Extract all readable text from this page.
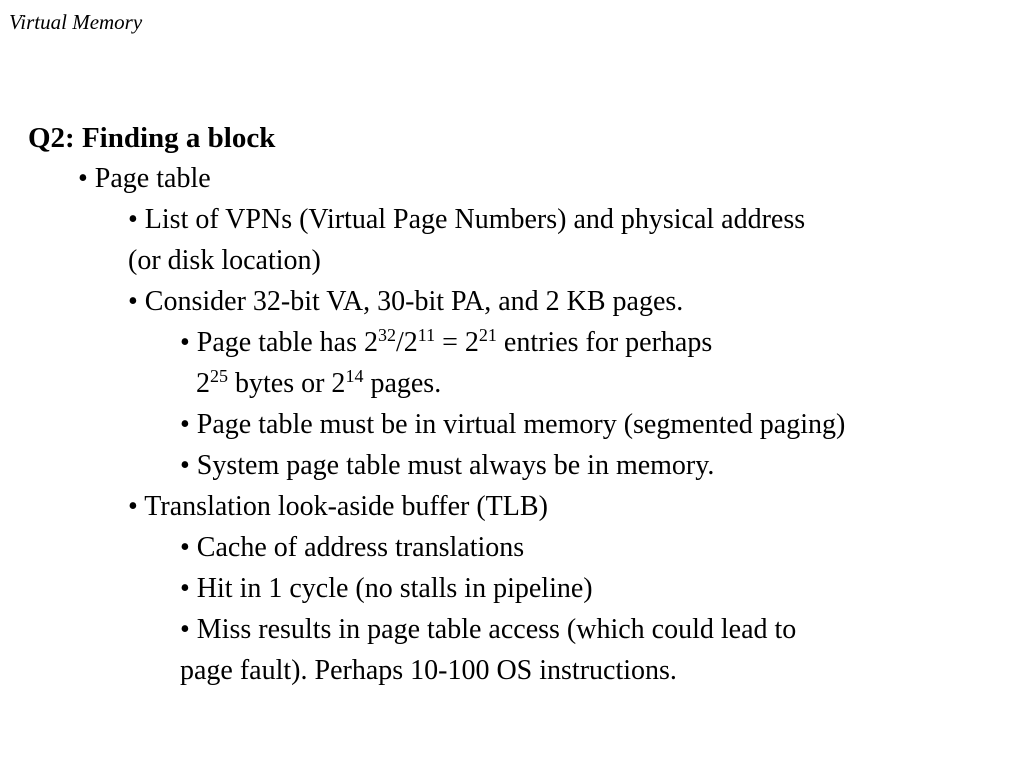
Virtual Memory
Q2: Finding a block
• Page table
• List of VPNs (Virtual Page Numbers) and physical address
(or disk location)
• Consider 32-bit VA, 30-bit PA, and 2 KB pages.
• Page table has $2^{32}/2^{11} = 2^{21}$ entries for perhaps
$2^{25}$ bytes or $2^{14}$ pages.
• Page table must be in virtual memory (segmented paging)
• System page table must always be in memory.
• Translation look-aside buffer (TLB)
• Cache of address translations
• Hit in 1 cycle (no stalls in pipeline)
• Miss results in page table access (which could lead to
page fault). Perhaps 10-100 OS instructions.
